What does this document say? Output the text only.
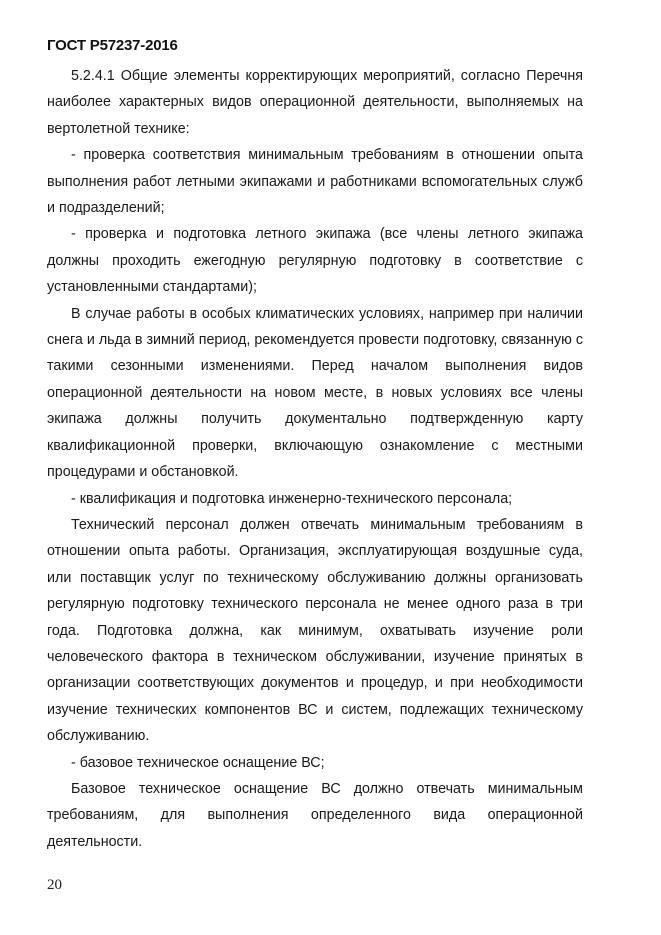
ГОСТ Р57237-2016

5.2.4.1 Общие элементы корректирующих мероприятий, согласно Перечня наиболее характерных видов операционной деятельности, выполняемых на вертолетной технике:

- проверка соответствия минимальным требованиям в отношении опыта выполнения работ летными экипажами и работниками вспомогательных служб и подразделений;

- проверка и подготовка летного экипажа (все члены летного экипажа должны проходить ежегодную регулярную подготовку в соответствие с установленными стандартами);

В случае работы в особых климатических условиях, например при наличии снега и льда в зимний период, рекомендуется провести подготовку, связанную с такими сезонными изменениями. Перед началом выполнения видов операционной деятельности на новом месте, в новых условиях все члены экипажа должны получить документально подтвержденную карту квалификационной проверки, включающую ознакомление с местными процедурами и обстановкой.

- квалификация и подготовка инженерно-технического персонала;

Технический персонал должен отвечать минимальным требованиям в отношении опыта работы. Организация, эксплуатирующая воздушные суда, или поставщик услуг по техническому обслуживанию должны организовать регулярную подготовку технического персонала не менее одного раза в три года. Подготовка должна, как минимум, охватывать изучение роли человеческого фактора в техническом обслуживании, изучение принятых в организации соответствующих документов и процедур, и при необходимости изучение технических компонентов ВС и систем, подлежащих техническому обслуживанию.

- базовое техническое оснащение ВС;

Базовое техническое оснащение ВС должно отвечать минимальным требованиям, для выполнения определенного вида операционной деятельности.

20
